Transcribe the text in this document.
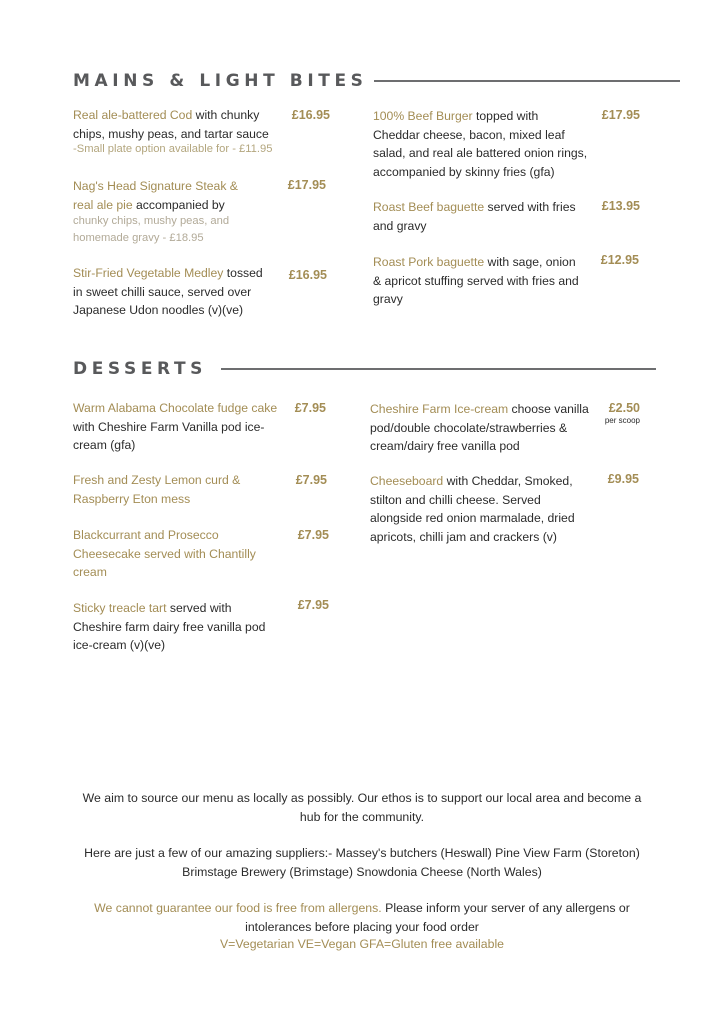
MAINS & LIGHT BITES
Real ale-battered Cod with chunky chips, mushy peas, and tartar sauce
-Small plate option available for - £11.95
£16.95
Nag's Head Signature Steak & real ale pie accompanied by
chunky chips, mushy peas, and homemade gravy - £18.95
£17.95
Stir-Fried Vegetable Medley tossed in sweet chilli sauce, served over Japanese Udon noodles (v)(ve)
£16.95
100% Beef Burger topped with Cheddar cheese, bacon, mixed leaf salad, and real ale battered onion rings, accompanied by skinny fries (gfa)
£17.95
Roast Beef baguette served with fries and gravy
£13.95
Roast Pork baguette with sage, onion & apricot stuffing served with fries and gravy
£12.95
DESSERTS
Warm Alabama Chocolate fudge cake with Cheshire Farm Vanilla pod ice-cream (gfa)
£7.95
Fresh and Zesty Lemon curd & Raspberry Eton mess
£7.95
Blackcurrant and Prosecco Cheesecake served with Chantilly cream
£7.95
Sticky treacle tart served with Cheshire farm dairy free vanilla pod ice-cream (v)(ve)
£7.95
Cheshire Farm Ice-cream choose vanilla pod/double chocolate/strawberries & cream/dairy free vanilla pod
£2.50
per scoop
Cheeseboard with Cheddar, Smoked, stilton and chilli cheese. Served alongside red onion marmalade, dried apricots, chilli jam and crackers (v)
£9.95
We aim to source our menu as locally as possibly. Our ethos is to support our local area and become a hub for the community.
Here are just a few of our amazing suppliers:- Massey's butchers (Heswall) Pine View Farm (Storeton) Brimstage Brewery (Brimstage) Snowdonia Cheese (North Wales)
We cannot guarantee our food is free from allergens. Please inform your server of any allergens or intolerances before placing your food order
V=Vegetarian VE=Vegan GFA=Gluten free available
